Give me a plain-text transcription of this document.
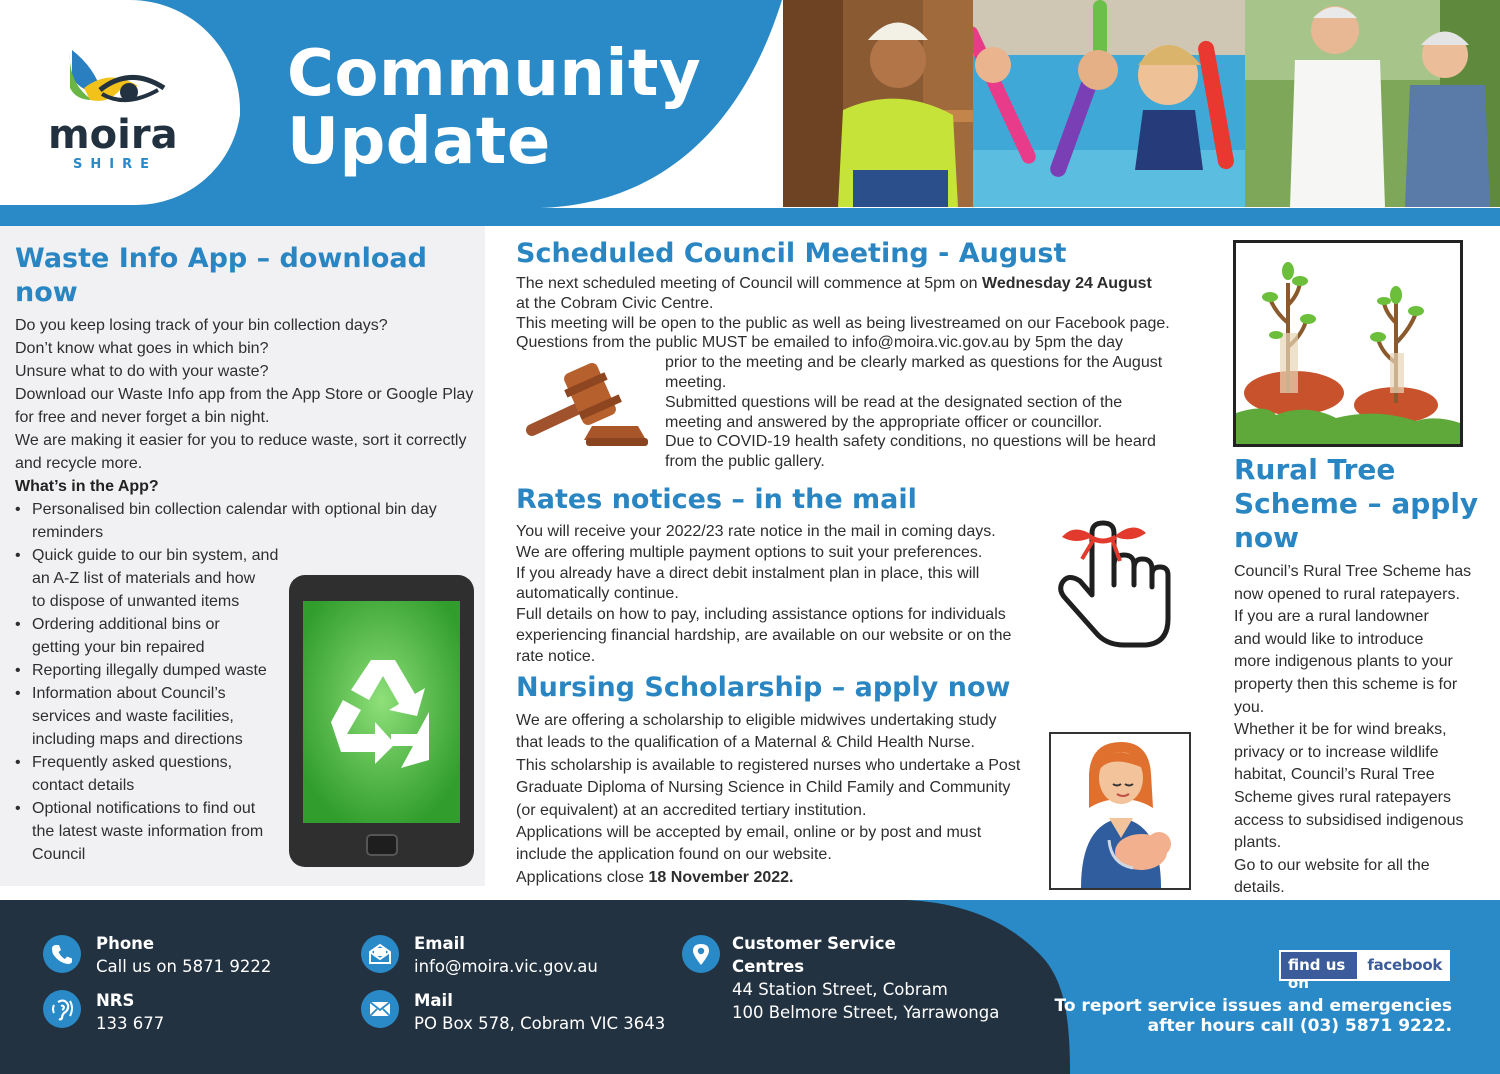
moira
SHIRE
Community
Update
Waste Info App – download now

Do you keep losing track of your bin collection days?

Don’t know what goes in which bin?

Unsure what to do with your waste?

Download our Waste Info app from the App Store or Google Play for free and never forget a bin night.

We are making it easier for you to reduce waste, sort it correctly and recycle more.

What’s in the App?

• Personalised bin collection calendar with optional bin day reminders
• Quick guide to our bin system, and
an A-Z list of materials and how
to dispose of unwanted items
• Ordering additional bins or
getting your bin repaired
• Reporting illegally dumped waste
• Information about Council’s
services and waste facilities,
including maps and directions
• Frequently asked questions,
contact details
• Optional notifications to find out
the latest waste information from
Council
Scheduled Council Meeting - August
The next scheduled meeting of Council will commence at 5pm on Wednesday 24 August
at the Cobram Civic Centre.
This meeting will be open to the public as well as being livestreamed on our Facebook page.
Questions from the public MUST be emailed to info@moira.vic.gov.au by 5pm the day
prior to the meeting and be clearly marked as questions for the August
meeting.
Submitted questions will be read at the designated section of the
meeting and answered by the appropriate officer or councillor.
Due to COVID-19 health safety conditions, no questions will be heard
from the public gallery.
Rates notices – in the mail
You will receive your 2022/23 rate notice in the mail in coming days.
We are offering multiple payment options to suit your preferences.
If you already have a direct debit instalment plan in place, this will
automatically continue.
Full details on how to pay, including assistance options for individuals
experiencing financial hardship, are available on our website or on the
rate notice.
Nursing Scholarship – apply now
We are offering a scholarship to eligible midwives undertaking study
that leads to the qualification of a Maternal & Child Health Nurse.
This scholarship is available to registered nurses who undertake a Post
Graduate Diploma of Nursing Science in Child Family and Community
(or equivalent) at an accredited tertiary institution.
Applications will be accepted by email, online or by post and must
include the application found on our website.
Applications close 18 November 2022.
Rural Tree
Scheme – apply
now
Council’s Rural Tree Scheme has
now opened to rural ratepayers.
If you are a rural landowner
and would like to introduce
more indigenous plants to your
property then this scheme is for
you.
Whether it be for wind breaks,
privacy or to increase wildlife
habitat, Council’s Rural Tree
Scheme gives rural ratepayers
access to subsidised indigenous
plants.
Go to our website for all the
details.
Phone
Call us on 5871 9222
NRS
133 677
Email
info@moira.vic.gov.au
Mail
PO Box 578, Cobram VIC 3643
Customer Service
Centres
44 Station Street, Cobram
100 Belmore Street, Yarrawonga
find us on
facebook
To report service issues and emergencies
after hours call (03) 5871 9222.
